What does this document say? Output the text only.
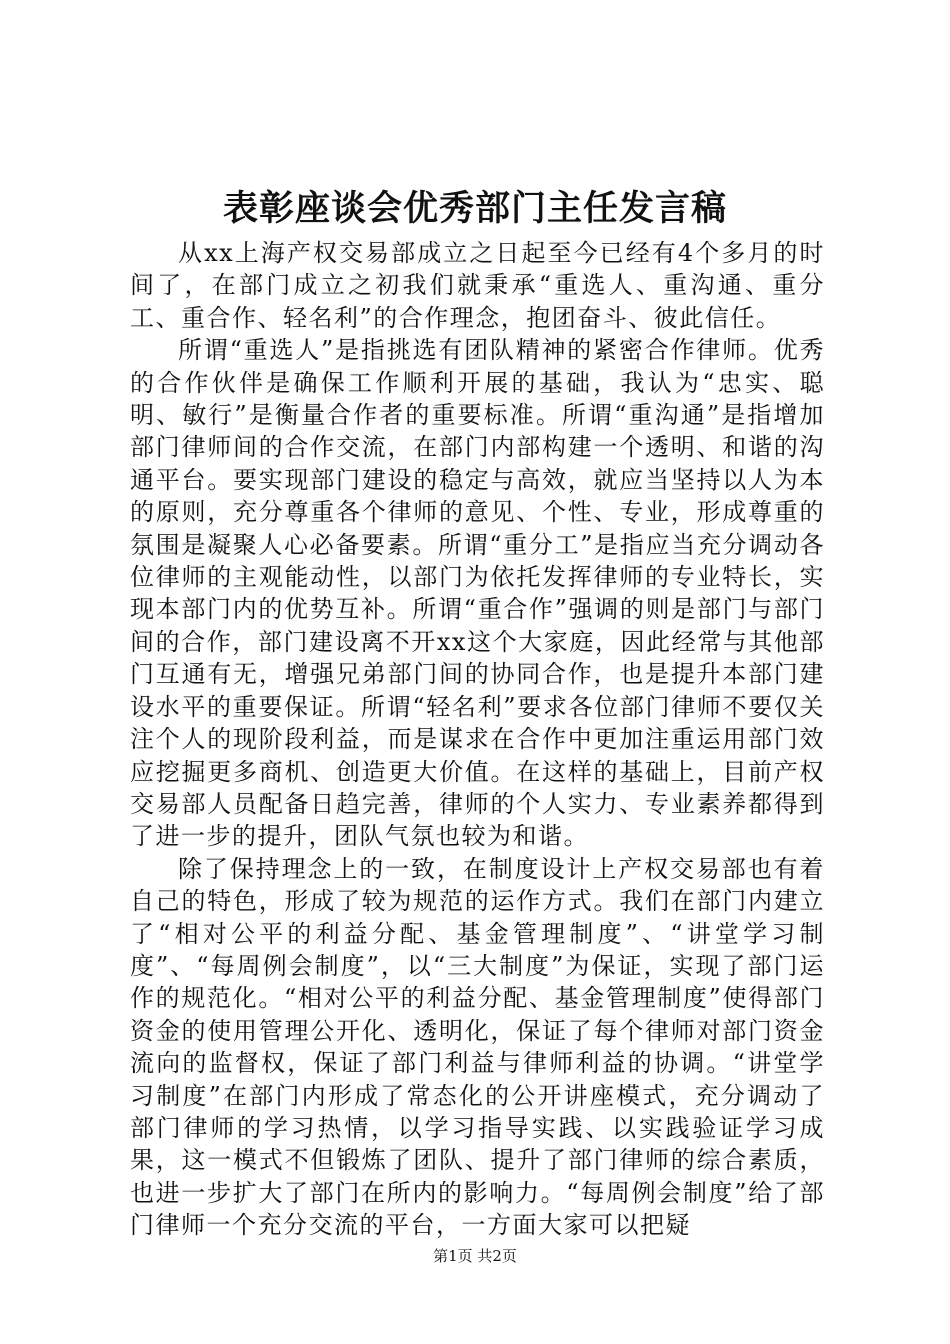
表彰座谈会优秀部门主任发言稿

从xx上海产权交易部成立之日起至今已经有4个多月的时间了，在部门成立之初我们就秉承“重选人、重沟通、重分工、重合作、轻名利”的合作理念，抱团奋斗、彼此信任。

所谓“重选人”是指挑选有团队精神的紧密合作律师。优秀的合作伙伴是确保工作顺利开展的基础，我认为“忠实、聪明、敏行”是衡量合作者的重要标准。所谓“重沟通”是指增加部门律师间的合作交流，在部门内部构建一个透明、和谐的沟通平台。要实现部门建设的稳定与高效，就应当坚持以人为本的原则，充分尊重各个律师的意见、个性、专业，形成尊重的氛围是凝聚人心必备要素。所谓“重分工”是指应当充分调动各位律师的主观能动性，以部门为依托发挥律师的专业特长，实现本部门内的优势互补。所谓“重合作”强调的则是部门与部门间的合作，部门建设离不开xx这个大家庭，因此经常与其他部门互通有无，增强兄弟部门间的协同合作，也是提升本部门建设水平的重要保证。所谓“轻名利”要求各位部门律师不要仅关注个人的现阶段利益，而是谋求在合作中更加注重运用部门效应挖掘更多商机、创造更大价值。在这样的基础上，目前产权交易部人员配备日趋完善，律师的个人实力、专业素养都得到了进一步的提升，团队气氛也较为和谐。

除了保持理念上的一致，在制度设计上产权交易部也有着自己的特色，形成了较为规范的运作方式。我们在部门内建立了“相对公平的利益分配、基金管理制度”、“讲堂学习制度”、“每周例会制度”，以“三大制度”为保证，实现了部门运作的规范化。“相对公平的利益分配、基金管理制度”使得部门资金的使用管理公开化、透明化，保证了每个律师对部门资金流向的监督权，保证了部门利益与律师利益的协调。“讲堂学习制度”在部门内形成了常态化的公开讲座模式，充分调动了部门律师的学习热情，以学习指导实践、以实践验证学习成果，这一模式不但锻炼了团队、提升了部门律师的综合素质，也进一步扩大了部门在所内的影响力。“每周例会制度”给了部门律师一个充分交流的平台，一方面大家可以把疑

第1页 共2页
